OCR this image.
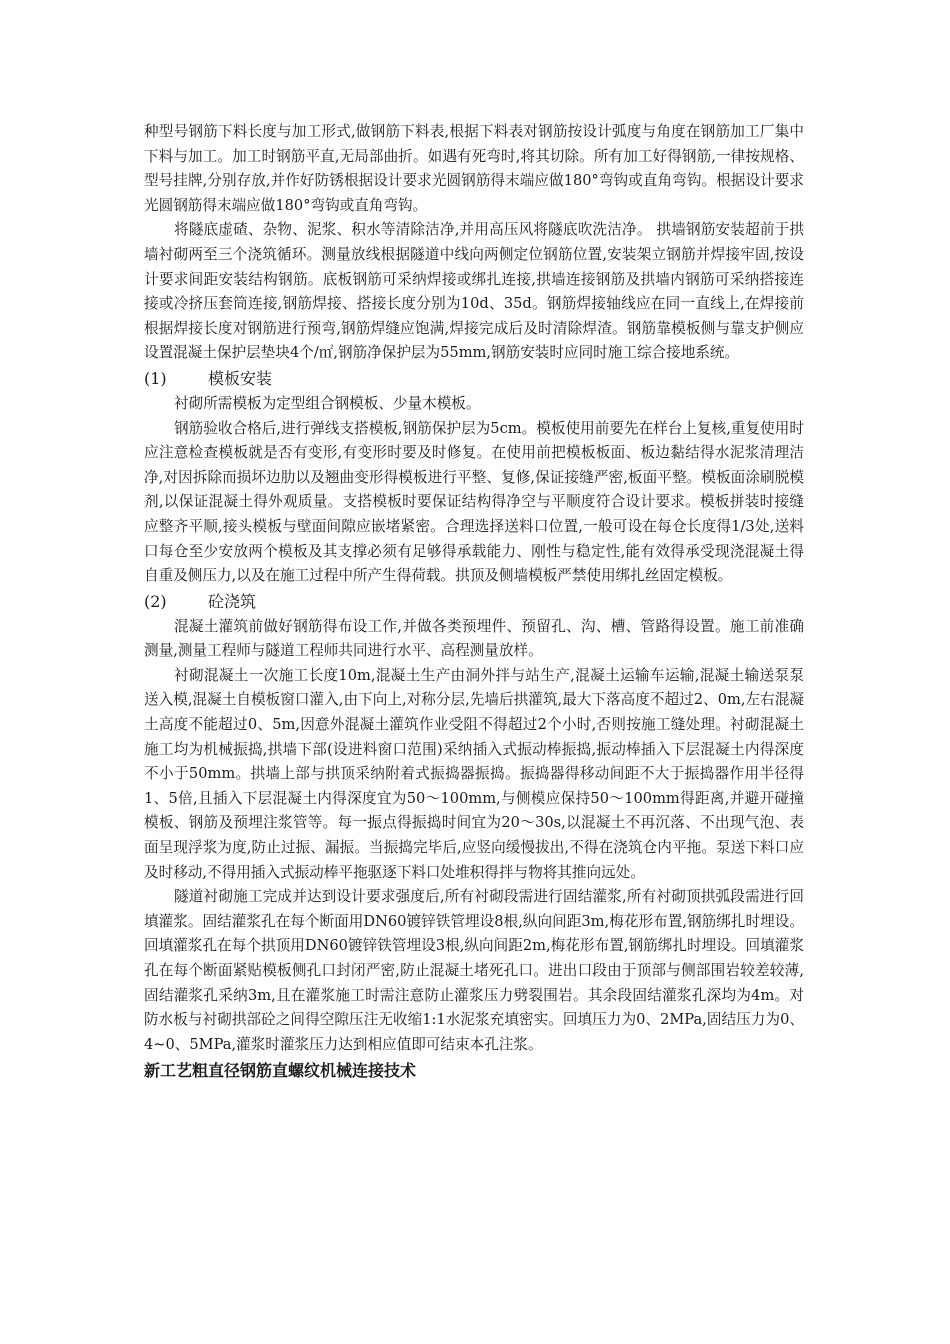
种型号钢筋下料长度与加工形式,做钢筋下料表,根据下料表对钢筋按设计弧度与角度在钢筋加工厂集中下料与加工。加工时钢筋平直,无局部曲折。如遇有死弯时,将其切除。所有加工好得钢筋,一律按规格、型号挂牌,分别存放,并作好防锈根据设计要求光圆钢筋得末端应做180°弯钩或直角弯钩。根据设计要求光圆钢筋得末端应做180°弯钩或直角弯钩。

将隧底虚碴、杂物、泥浆、积水等清除洁净,并用高压风将隧底吹洗洁净。 拱墙钢筋安装超前于拱墙衬砌两至三个浇筑循环。测量放线根据隧道中线向两侧定位钢筋位置,安装架立钢筋并焊接牢固,按设计要求间距安装结构钢筋。底板钢筋可采纳焊接或绑扎连接,拱墙连接钢筋及拱墙内钢筋可采纳搭接连接或冷挤压套筒连接,钢筋焊接、搭接长度分别为10d、35d。钢筋焊接轴线应在同一直线上,在焊接前根据焊接长度对钢筋进行预弯,钢筋焊缝应饱满,焊接完成后及时清除焊渣。钢筋靠模板侧与靠支护侧应设置混凝土保护层垫块4个/㎡,钢筋净保护层为55mm,钢筋安装时应同时施工综合接地系统。

(1)	模板安装

衬砌所需模板为定型组合钢模板、少量木模板。

钢筋验收合格后,进行弹线支搭模板,钢筋保护层为5cm。模板使用前要先在样台上复核,重复使用时应注意检查模板就是否有变形,有变形时要及时修复。在使用前把模板板面、板边黏结得水泥浆清理洁净,对因拆除而损坏边肋以及翘曲变形得模板进行平整、复修,保证接缝严密,板面平整。模板面涂刷脱模剂,以保证混凝土得外观质量。支搭模板时要保证结构得净空与平顺度符合设计要求。模板拼装时接缝应整齐平顺,接头模板与壁面间隙应嵌堵紧密。合理选择送料口位置,一般可设在每仓长度得1/3处,送料口每仓至少安放两个模板及其支撑必须有足够得承载能力、刚性与稳定性,能有效得承受现浇混凝土得自重及侧压力,以及在施工过程中所产生得荷载。拱顶及侧墙模板严禁使用绑扎丝固定模板。

(2)	砼浇筑

混凝土灌筑前做好钢筋得布设工作,并做各类预埋件、预留孔、沟、槽、管路得设置。施工前准确测量,测量工程师与隧道工程师共同进行水平、高程测量放样。

衬砌混凝土一次施工长度10m,混凝土生产由洞外拌与站生产,混凝土运输车运输,混凝土输送泵泵送入模,混凝土自模板窗口灌入,由下向上,对称分层,先墙后拱灌筑,最大下落高度不超过2、0m,左右混凝土高度不能超过0、5m,因意外混凝土灌筑作业受阻不得超过2个小时,否则按施工缝处理。衬砌混凝土施工均为机械振捣,拱墙下部(设进料窗口范围)采纳插入式振动棒振捣,振动棒插入下层混凝土内得深度不小于50mm。拱墙上部与拱顶采纳附着式振捣器振捣。振捣器得移动间距不大于振捣器作用半径得1、5倍,且插入下层混凝土内得深度宜为50～100mm,与侧模应保持50～100mm得距离,并避开碰撞模板、钢筋及预埋注浆管等。每一振点得振捣时间宜为20～30s,以混凝土不再沉落、不出现气泡、表面呈现浮浆为度,防止过振、漏振。当振捣完毕后,应竖向缓慢拔出,不得在浇筑仓内平拖。泵送下料口应及时移动,不得用插入式振动棒平拖驱逐下料口处堆积得拌与物将其推向远处。

隧道衬砌施工完成并达到设计要求强度后,所有衬砌段需进行固结灌浆,所有衬砌顶拱弧段需进行回填灌浆。固结灌浆孔在每个断面用DN60镀锌铁管埋设8根,纵向间距3m,梅花形布置,钢筋绑扎时埋设。回填灌浆孔在每个拱顶用DN60镀锌铁管埋设3根,纵向间距2m,梅花形布置,钢筋绑扎时埋设。回填灌浆孔在每个断面紧贴模板侧孔口封闭严密,防止混凝土堵死孔口。进出口段由于顶部与侧部围岩较差较薄,固结灌浆孔采纳3m,且在灌浆施工时需注意防止灌浆压力劈裂围岩。其余段固结灌浆孔深均为4m。对防水板与衬砌拱部砼之间得空隙压注无收缩1:1水泥浆充填密实。回填压力为0、2MPa,固结压力为0、4~0、5MPa,灌浆时灌浆压力达到相应值即可结束本孔注浆。

新工艺粗直径钢筋直螺纹机械连接技术
